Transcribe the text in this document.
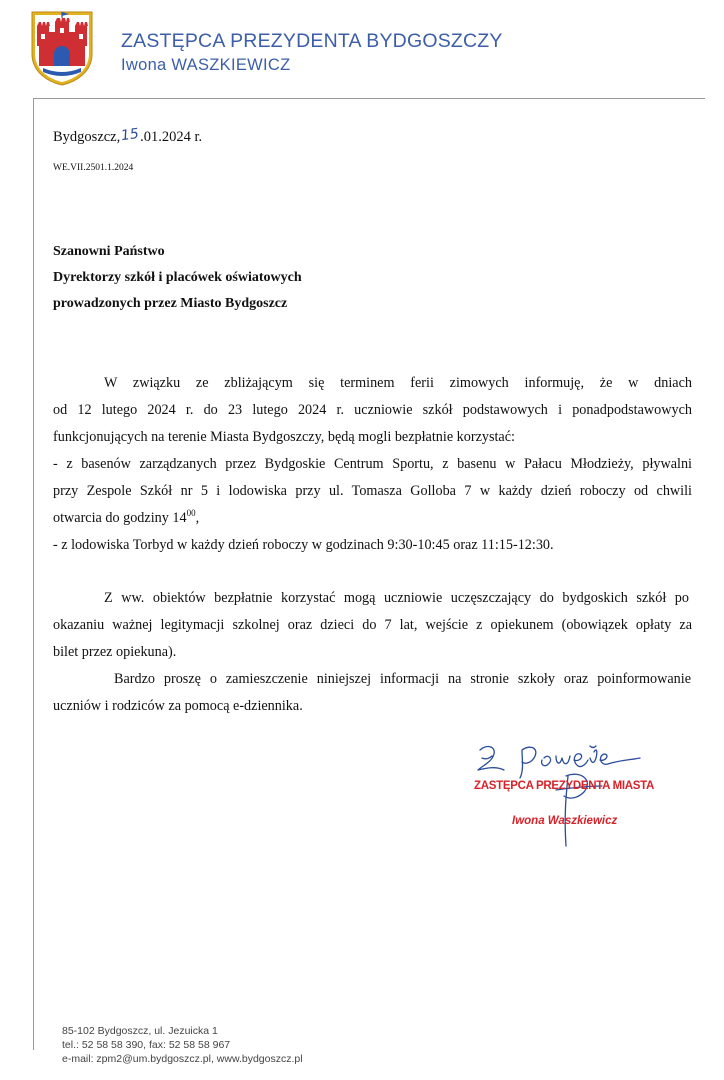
ZASTĘPCA PREZYDENTA BYDGOSZCZY
Iwona WASZKIEWICZ
Bydgoszcz,15.01.2024 r.
WE.VII.2501.1.2024
Szanowni Państwo
Dyrektorzy szkół i placówek oświatowych
prowadzonych przez Miasto Bydgoszcz
W związku ze zbliżającym się terminem ferii zimowych informuję, że w dniach
od 12 lutego 2024 r. do 23 lutego 2024 r. uczniowie szkół podstawowych i ponadpodstawowych
funkcjonujących na terenie Miasta Bydgoszczy, będą mogli bezpłatnie korzystać:
- z basenów zarządzanych przez Bydgoskie Centrum Sportu, z basenu w Pałacu Młodzieży, pływalni
przy Zespole Szkół nr 5 i lodowiska przy ul. Tomasza Golloba 7 w każdy dzień roboczy od chwili
otwarcia do godziny $14^{00}$,
- z lodowiska Torbyd w każdy dzień roboczy w godzinach 9:30-10:45 oraz 11:15-12:30.
Z ww. obiektów bezpłatnie korzystać mogą uczniowie uczęszczający do bydgoskich szkół po
okazaniu ważnej legitymacji szkolnej oraz dzieci do 7 lat, wejście z opiekunem (obowiązek opłaty za
bilet przez opiekuna).
Bardzo proszę o zamieszczenie niniejszej informacji na stronie szkoły oraz poinformowanie
uczniów i rodziców za pomocą e-dziennika.
ZASTĘPCA PREZYDENTA MIASTA
Iwona Waszkiewicz
85-102 Bydgoszcz, ul. Jezuicka 1
tel.: 52 58 58 390, fax: 52 58 58 967
e-mail: zpm2@um.bydgoszcz.pl, www.bydgoszcz.pl
